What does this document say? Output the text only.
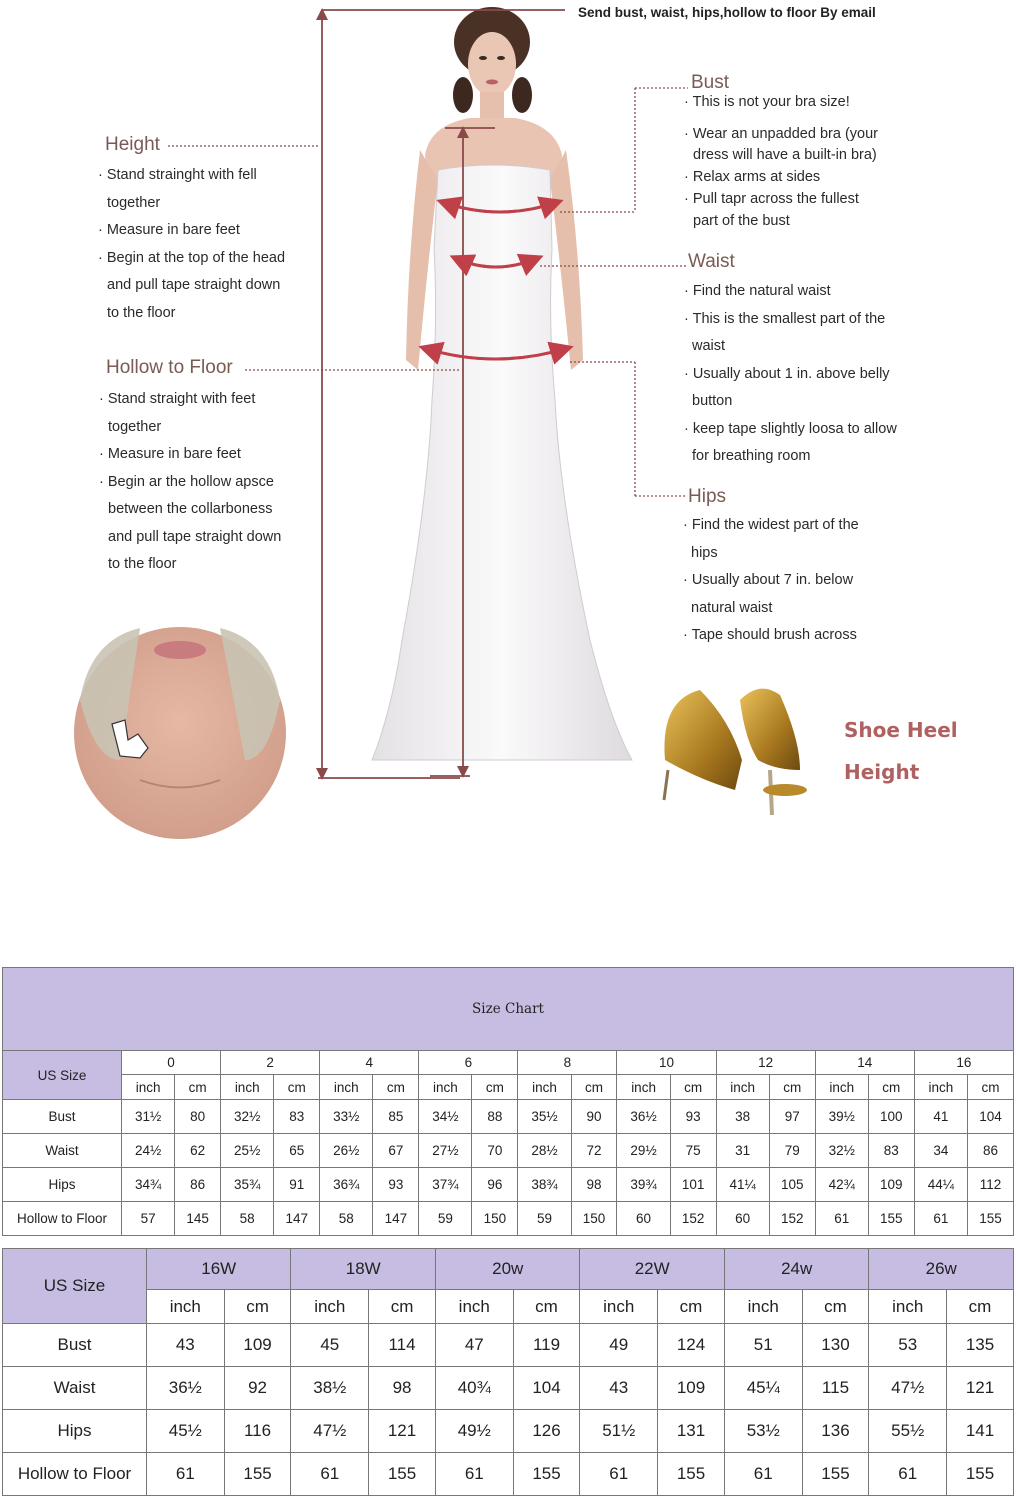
Send bust, waist, hips,hollow to floor By email
Height
· Stand strainght with fell
together
· Measure in bare feet
· Begin at the top of the head
and pull tape straight down
to the floor
Hollow to Floor
· Stand straight with feet
together
· Measure in bare feet
· Begin ar the hollow apsce
between the collarboness
and pull tape straight down
to the floor
Bust
· This is not your bra size!
· Wear an unpadded bra (your
dress will have a built-in bra)
· Relax arms at sides
· Pull tapr across the fullest
part of the bust
Waist
· Find the natural waist
· This is the smallest part of the
waist
· Usually about 1 in. above belly
button
· keep tape slightly loosa to allow
for breathing room
Hips
· Find the widest part of the
hips
· Usually about 7 in. below
natural waist
· Tape should brush across
Shoe Heel
Height
Size Chart																		
US Size	0		2		4		6		8		10		12		14		16	
	inch	cm	inch	cm	inch	cm	inch	cm	inch	cm	inch	cm	inch	cm	inch	cm	inch	cm
Bust	31½	80	32½	83	33½	85	34½	88	35½	90	36½	93	38	97	39½	100	41	104
Waist	24½	62	25½	65	26½	67	27½	70	28½	72	29½	75	31	79	32½	83	34	86
Hips	34¾	86	35¾	91	36¾	93	37¾	96	38¾	98	39¾	101	41¼	105	42¾	109	44¼	112
Hollow to Floor	57	145	58	147	58	147	59	150	59	150	60	152	60	152	61	155	61	155
US Size	16W		18W		20w		22W		24w		26w	
	inch	cm	inch	cm	inch	cm	inch	cm	inch	cm	inch	cm
Bust	43	109	45	114	47	119	49	124	51	130	53	135
Waist	36½	92	38½	98	40¾	104	43	109	45¼	115	47½	121
Hips	45½	116	47½	121	49½	126	51½	131	53½	136	55½	141
Hollow to Floor	61	155	61	155	61	155	61	155	61	155	61	155
